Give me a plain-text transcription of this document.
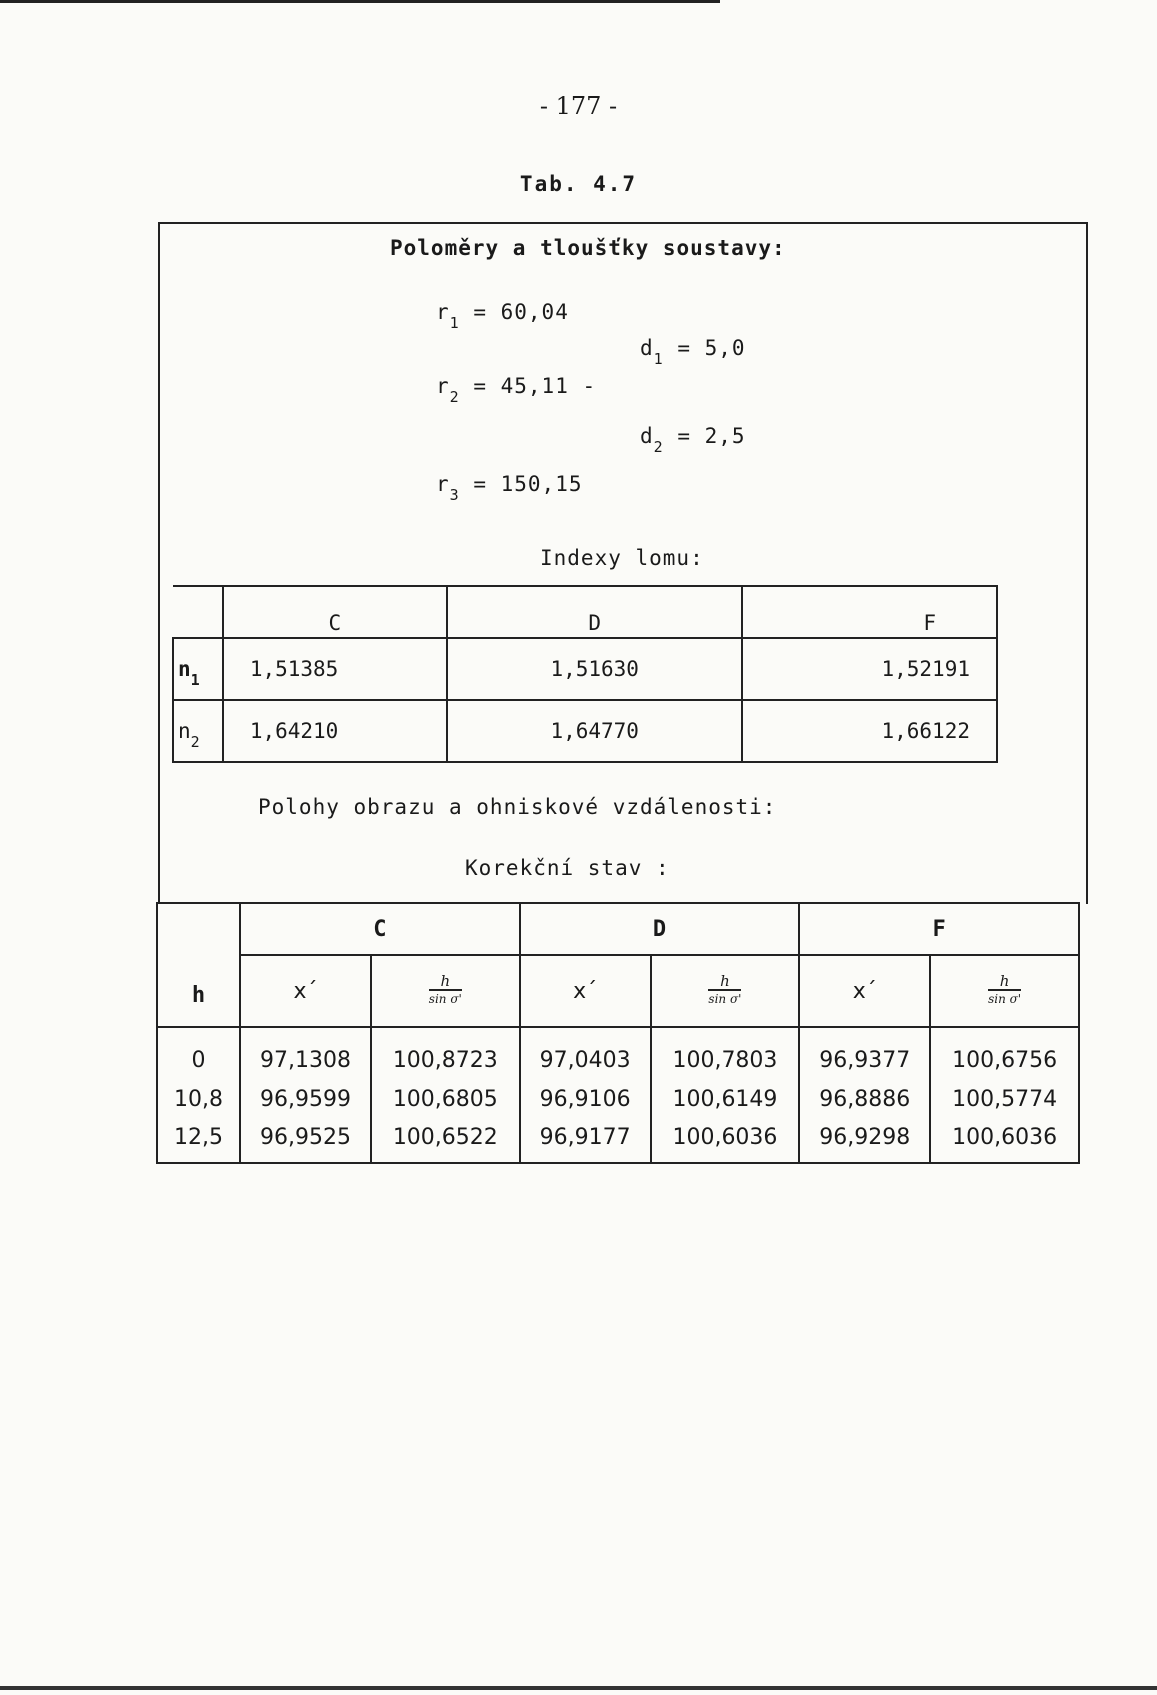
- 177 -
Tab. 4.7
Poloměry a tloušťky soustavy:
$r_1 = 60,04$
$r_2 = 45,11$ -
$r_3 = 150,15$
$d_1 = 5,0$
$d_2 = 2,5$
Indexy lomu:
	C	D	F
$n_1$	1,51385	1,51630	1,52191
$n_2$	1,64210	1,64770	1,66122
Polohy obrazu a ohniskové vzdálenosti:
Korekční stav :
h	C		D		F	
	x´	$\frac{h}{\text{sin σ'}}$	x´	$\frac{h}{\text{sin σ'}}$	x´	$\frac{h}{\text{sin σ'}}$

0	97,1308	100,8723	97,0403	100,7803	96,9377	100,6756
10,8	96,9599	100,6805	96,9106	100,6149	96,8886	100,5774
12,5	96,9525	100,6522	96,9177	100,6036	96,9298	100,6036
